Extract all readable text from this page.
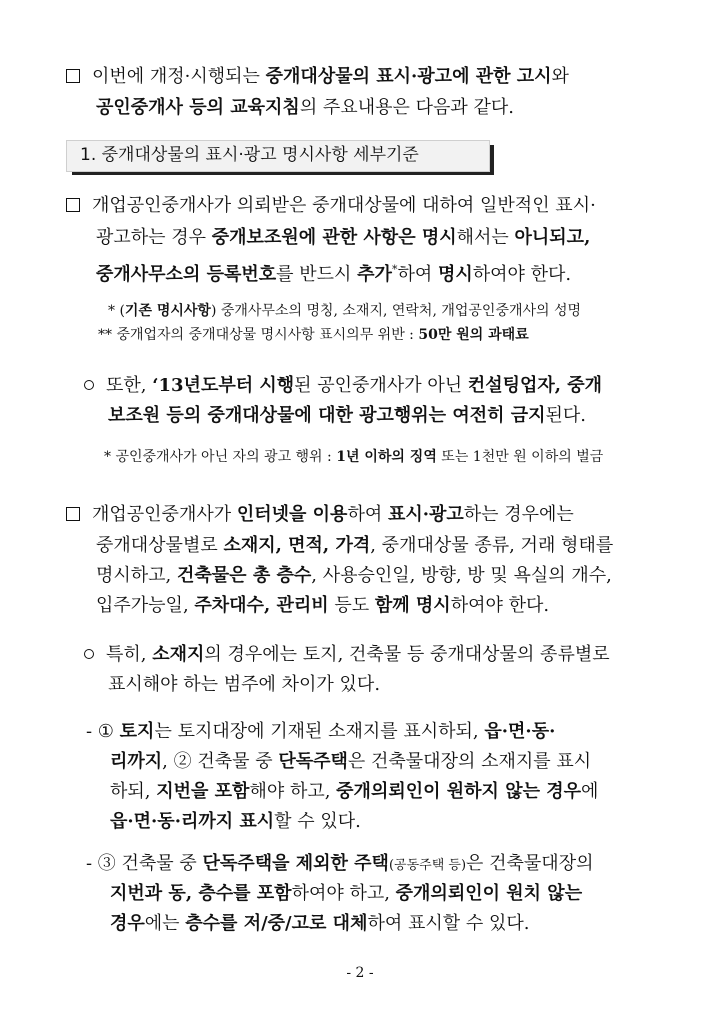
이번에 개정·시행되는 중개대상물의 표시·광고에 관한 고시와
공인중개사 등의 교육지침의 주요내용은 다음과 같다.
1. 중개대상물의 표시·광고 명시사항 세부기준
개업공인중개사가 의뢰받은 중개대상물에 대하여 일반적인 표시·
광고하는 경우 중개보조원에 관한 사항은 명시해서는 아니되고,
중개사무소의 등록번호를 반드시 추가*하여 명시하여야 한다.
* (기존 명시사항) 중개사무소의 명칭, 소재지, 연락처, 개업공인중개사의 성명
** 중개업자의 중개대상물 명시사항 표시의무 위반 : 50만 원의 과태료
또한, ‘13년도부터 시행된 공인중개사가 아닌 컨설팅업자, 중개
보조원 등의 중개대상물에 대한 광고행위는 여전히 금지된다.
* 공인중개사가 아닌 자의 광고 행위 : 1년 이하의 징역 또는 1천만 원 이하의 벌금
개업공인중개사가 인터넷을 이용하여 표시·광고하는 경우에는
중개대상물별로 소재지, 면적, 가격, 중개대상물 종류, 거래 형태를
명시하고, 건축물은 총 층수, 사용승인일, 방향, 방 및 욕실의 개수,
입주가능일, 주차대수, 관리비 등도 함께 명시하여야 한다.
특히, 소재지의 경우에는 토지, 건축물 등 중개대상물의 종류별로
표시해야 하는 범주에 차이가 있다.
- ① 토지는 토지대장에 기재된 소재지를 표시하되, 읍·면·동·
리까지, ② 건축물 중 단독주택은 건축물대장의 소재지를 표시
하되, 지번을 포함해야 하고, 중개의뢰인이 원하지 않는 경우에
읍·면·동·리까지 표시할 수 있다.
- ③ 건축물 중 단독주택을 제외한 주택(공동주택 등)은 건축물대장의
지번과 동, 층수를 포함하여야 하고, 중개의뢰인이 원치 않는
경우에는 층수를 저/중/고로 대체하여 표시할 수 있다.
- 2 -
